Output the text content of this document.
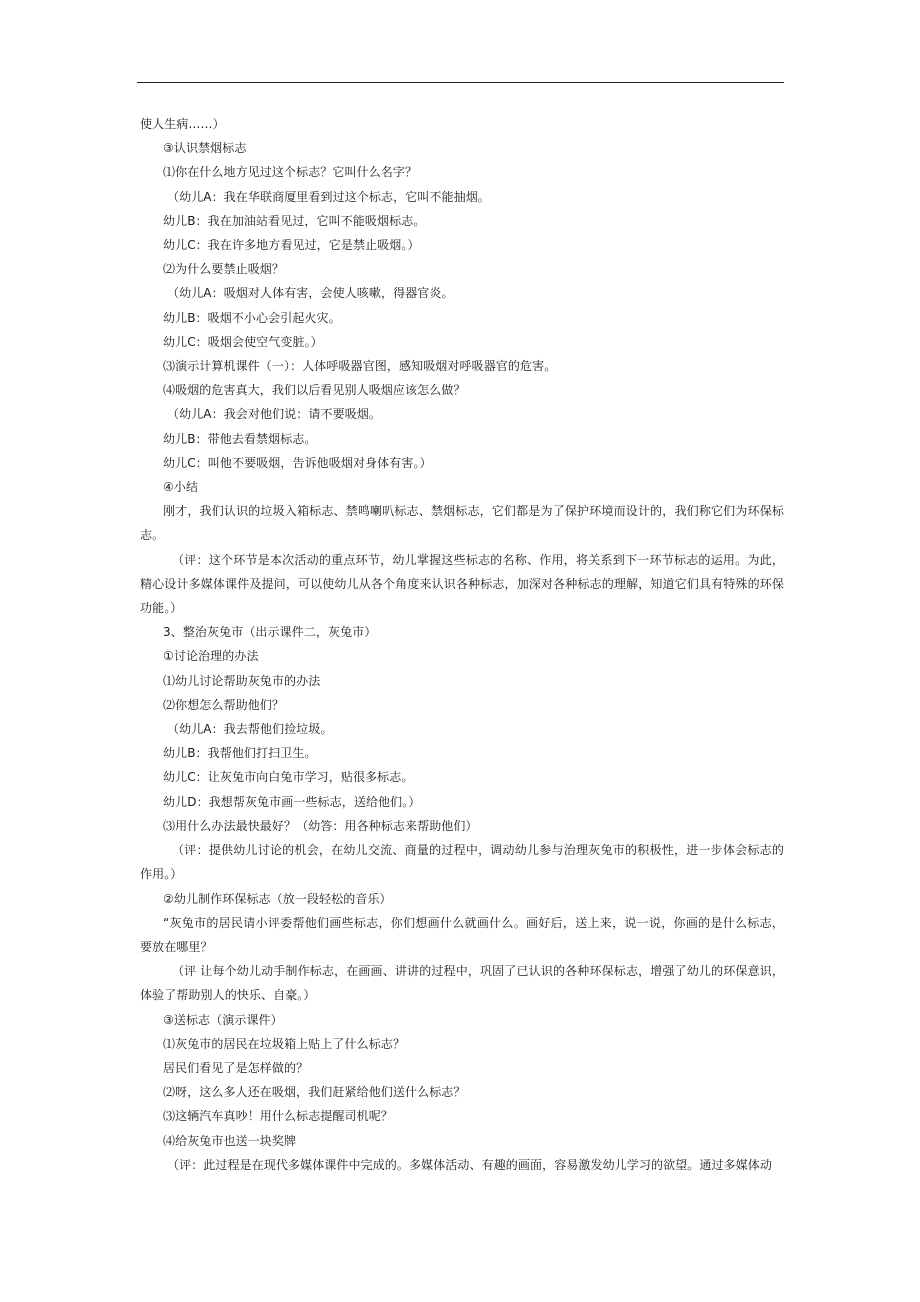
使人生病……）
③认识禁烟标志
⑴你在什么地方见过这个标志？它叫什么名字？
（幼儿A：我在华联商厦里看到过这个标志，它叫不能抽烟。
幼儿B：我在加油站看见过，它叫不能吸烟标志。
幼儿C：我在许多地方看见过，它是禁止吸烟。）
⑵为什么要禁止吸烟？
（幼儿A：吸烟对人体有害，会使人咳嗽，得器官炎。
幼儿B：吸烟不小心会引起火灾。
幼儿C：吸烟会使空气变脏。）
⑶演示计算机课件（一）：人体呼吸器官图，感知吸烟对呼吸器官的危害。
⑷吸烟的危害真大，我们以后看见别人吸烟应该怎么做？
（幼儿A：我会对他们说：请不要吸烟。
幼儿B：带他去看禁烟标志。
幼儿C：叫他不要吸烟，告诉他吸烟对身体有害。）
④小结
刚才，我们认识的垃圾入箱标志、禁鸣喇叭标志、禁烟标志，它们都是为了保护环境而设计的，我们称它们为环保标志。
（评：这个环节是本次活动的重点环节，幼儿掌握这些标志的名称、作用，将关系到下一环节标志的运用。为此，精心设计多媒体课件及提问，可以使幼儿从各个角度来认识各种标志，加深对各种标志的理解，知道它们具有特殊的环保功能。）
3、整治灰兔市（出示课件二，灰兔市）
①讨论治理的办法
⑴幼儿讨论帮助灰兔市的办法
⑵你想怎么帮助他们？
（幼儿A：我去帮他们捡垃圾。
幼儿B：我帮他们打扫卫生。
幼儿C：让灰兔市向白兔市学习，贴很多标志。
幼儿D：我想帮灰兔市画一些标志，送给他们。）
⑶用什么办法最快最好？（幼答：用各种标志来帮助他们）
（评：提供幼儿讨论的机会，在幼儿交流、商量的过程中，调动幼儿参与治理灰兔市的积极性，进一步体会标志的作用。）
②幼儿制作环保标志（放一段轻松的音乐）
“灰兔市的居民请小评委帮他们画些标志，你们想画什么就画什么。画好后，送上来，说一说，你画的是什么标志，要放在哪里？
（评 让每个幼儿动手制作标志，在画画、讲讲的过程中，巩固了已认识的各种环保标志，增强了幼儿的环保意识，体验了帮助别人的快乐、自豪。）
③送标志（演示课件）
⑴灰兔市的居民在垃圾箱上贴上了什么标志？
居民们看见了是怎样做的？
⑵呀，这么多人还在吸烟，我们赶紧给他们送什么标志？
⑶这辆汽车真吵！用什么标志提醒司机呢？
⑷给灰兔市也送一块奖牌
（评：此过程是在现代多媒体课件中完成的。多媒体活动、有趣的画面，容易激发幼儿学习的欲望。通过多媒体动
